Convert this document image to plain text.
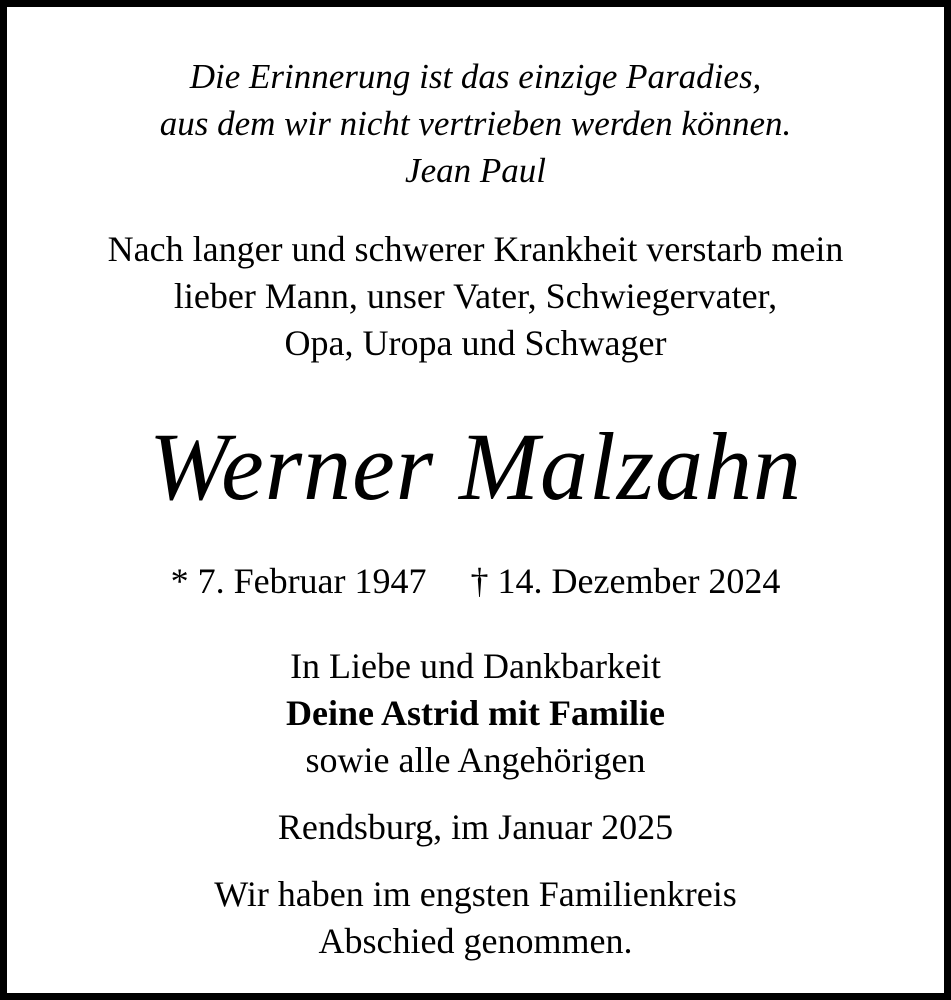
Die Erinnerung ist das einzige Paradies,
aus dem wir nicht vertrieben werden können.
Jean Paul
Nach langer und schwerer Krankheit verstarb mein
lieber Mann, unser Vater, Schwiegervater,
Opa, Uropa und Schwager
Werner Malzahn
* 7. Februar 1947 † 14. Dezember 2024
In Liebe und Dankbarkeit
Deine Astrid mit Familie
sowie alle Angehörigen
Rendsburg, im Januar 2025
Wir haben im engsten Familienkreis
Abschied genommen.
